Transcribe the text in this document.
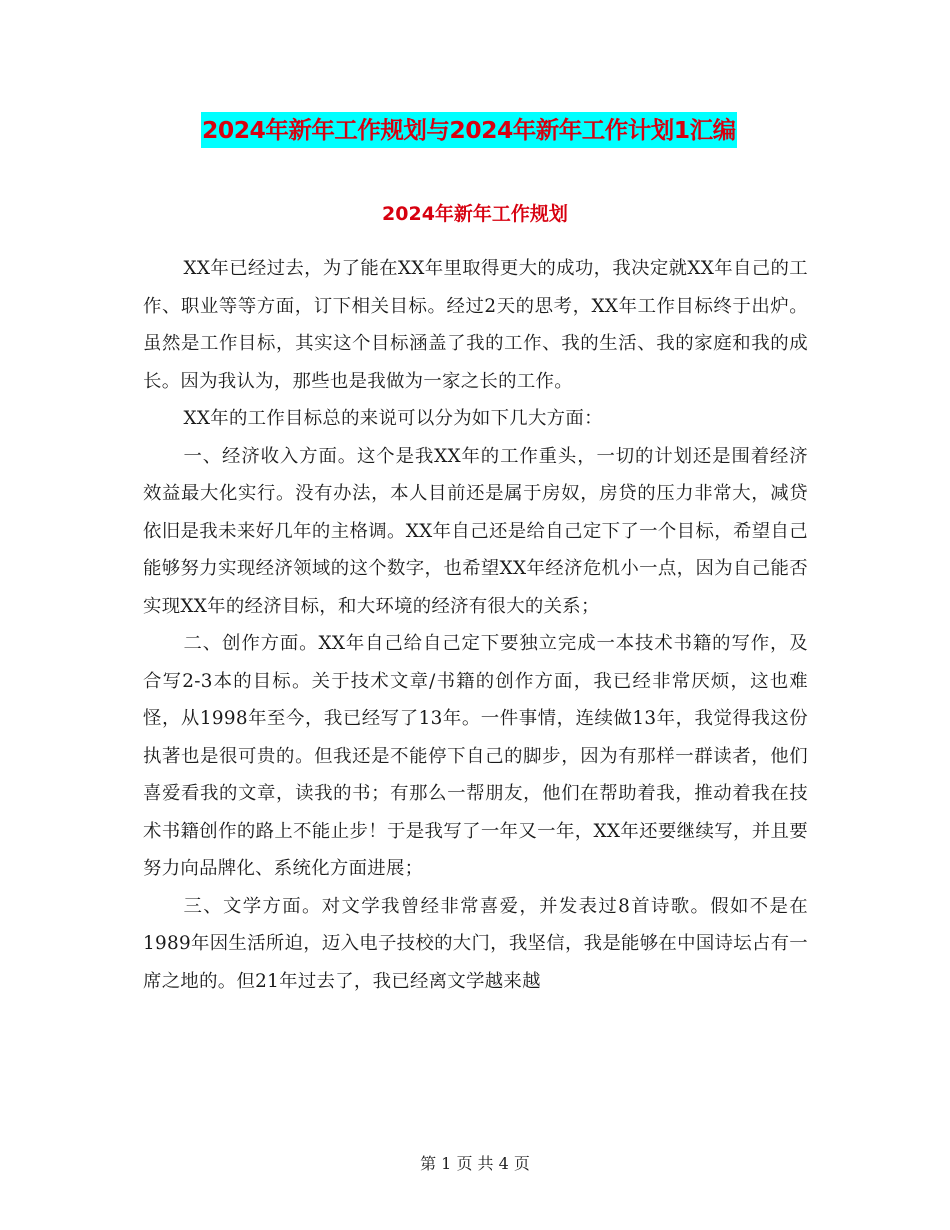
2024年新年工作规划与2024年新年工作计划1汇编
2024年新年工作规划

XX年已经过去，为了能在XX年里取得更大的成功，我决定就XX年自己的工作、职业等等方面，订下相关目标。经过2天的思考，XX年工作目标终于出炉。虽然是工作目标，其实这个目标涵盖了我的工作、我的生活、我的家庭和我的成长。因为我认为，那些也是我做为一家之长的工作。

XX年的工作目标总的来说可以分为如下几大方面：

一、经济收入方面。这个是我XX年的工作重头，一切的计划还是围着经济效益最大化实行。没有办法，本人目前还是属于房奴，房贷的压力非常大，减贷依旧是我未来好几年的主格调。XX年自己还是给自己定下了一个目标，希望自己能够努力实现经济领域的这个数字，也希望XX年经济危机小一点，因为自己能否实现XX年的经济目标，和大环境的经济有很大的关系；

二、创作方面。XX年自己给自己定下要独立完成一本技术书籍的写作，及合写2-3本的目标。关于技术文章/书籍的创作方面，我已经非常厌烦，这也难怪，从1998年至今，我已经写了13年。一件事情，连续做13年，我觉得我这份执著也是很可贵的。但我还是不能停下自己的脚步，因为有那样一群读者，他们喜爱看我的文章，读我的书；有那么一帮朋友，他们在帮助着我，推动着我在技术书籍创作的路上不能止步！于是我写了一年又一年，XX年还要继续写，并且要努力向品牌化、系统化方面进展；

三、文学方面。对文学我曾经非常喜爱，并发表过8首诗歌。假如不是在1989年因生活所迫，迈入电子技校的大门，我坚信，我是能够在中国诗坛占有一席之地的。但21年过去了，我已经离文学越来越

第 1 页 共 4 页
